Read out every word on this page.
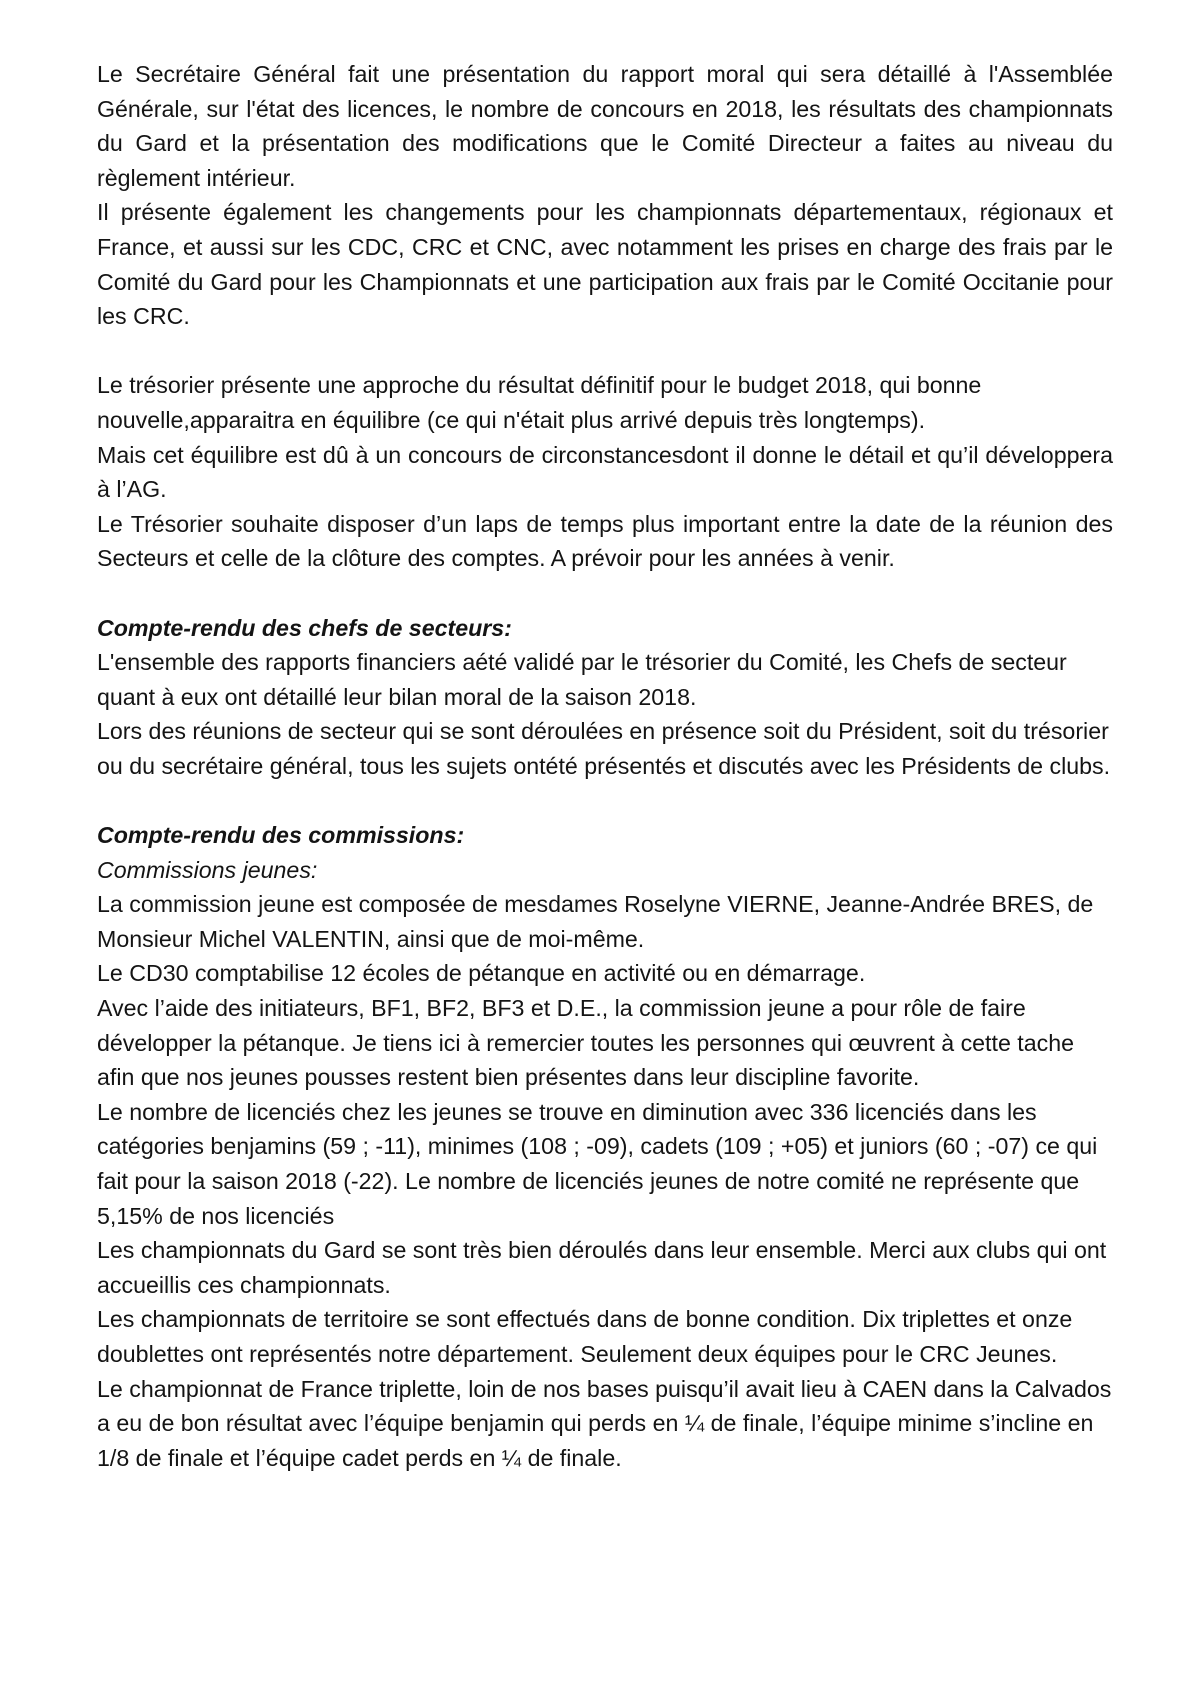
Le Secrétaire Général fait une présentation du rapport moral qui sera détaillé à l'Assemblée Générale, sur l'état des licences, le nombre de concours en 2018, les résultats des championnats du Gard et la présentation des modifications que le Comité Directeur a faites au niveau du règlement intérieur.

Il présente également les changements pour les championnats départementaux, régionaux et France, et aussi sur les CDC, CRC et CNC, avec notamment les prises en charge des frais par le Comité du Gard pour les Championnats et une participation aux frais par le Comité Occitanie pour les CRC.

Le trésorier présente une approche du résultat définitif pour le budget 2018, qui bonne nouvelle,apparaitra en équilibre (ce qui n'était plus arrivé depuis très longtemps).

Mais cet équilibre est dû à un concours de circonstancesdont il donne le détail et qu’il développera à l’AG.

Le Trésorier souhaite disposer d’un laps de temps plus important entre la date de la réunion des Secteurs et celle de la clôture des comptes. A prévoir pour les années à venir.

Compte-rendu des chefs de secteurs:

L'ensemble des rapports financiers aété validé par le trésorier du Comité, les Chefs de secteur quant à eux ont détaillé leur bilan moral de la saison 2018.

Lors des réunions de secteur qui se sont déroulées en présence soit du Président, soit du trésorier ou du secrétaire général, tous les sujets ontété présentés et discutés avec les Présidents de clubs.

Compte-rendu des commissions:

Commissions jeunes:

La commission jeune est composée de mesdames Roselyne VIERNE, Jeanne-Andrée BRES, de Monsieur Michel VALENTIN, ainsi que de moi-même.

Le CD30 comptabilise 12 écoles de pétanque en activité ou en démarrage.

Avec l’aide des initiateurs, BF1, BF2, BF3 et D.E., la commission jeune a pour rôle de faire développer la pétanque. Je tiens ici à remercier toutes les personnes qui œuvrent à cette tache afin que nos jeunes pousses restent bien présentes dans leur discipline favorite.

Le nombre de licenciés chez les jeunes se trouve en diminution avec 336 licenciés dans les catégories benjamins (59 ; -11), minimes (108 ; -09), cadets (109 ; +05) et juniors (60 ; -07) ce qui fait pour la saison 2018 (-22). Le nombre de licenciés jeunes de notre comité ne représente que 5,15% de nos licenciés

Les championnats du Gard se sont très bien déroulés dans leur ensemble. Merci aux clubs qui ont accueillis ces championnats.

Les championnats de territoire se sont effectués dans de bonne condition. Dix triplettes et onze doublettes ont représentés notre département. Seulement deux équipes pour le CRC Jeunes.

Le championnat de France triplette, loin de nos bases puisqu’il avait lieu à CAEN dans la Calvados a eu de bon résultat avec l’équipe benjamin qui perds en ¼ de finale, l’équipe minime s’incline en 1/8 de finale et l’équipe cadet perds en ¼ de finale.
